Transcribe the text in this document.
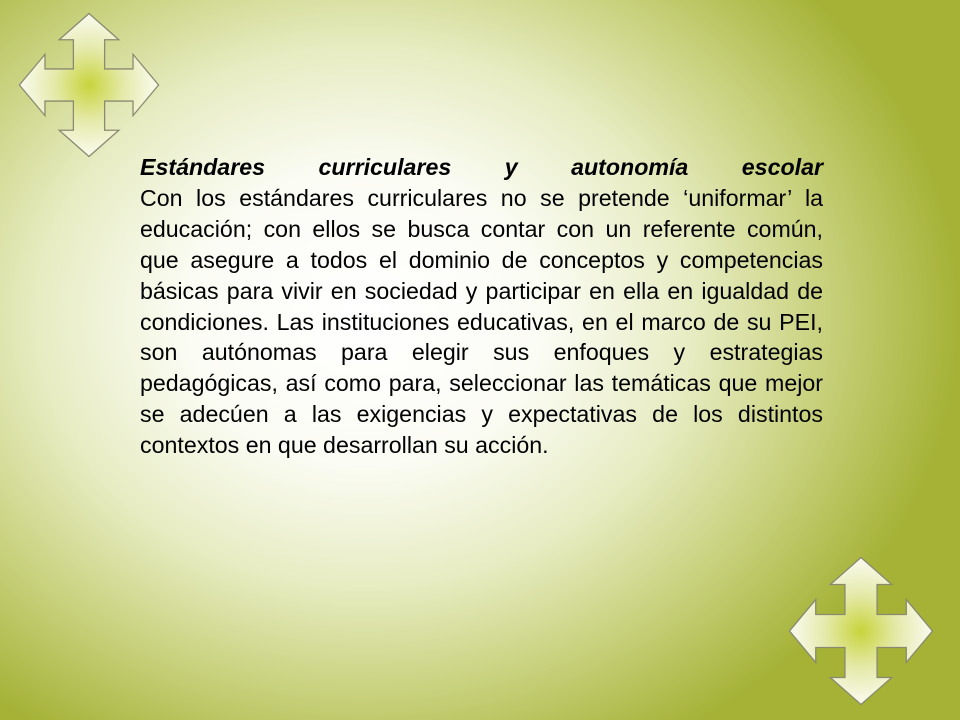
Estándares curriculares y autonomía escolar
Con los estándares curriculares no se pretende ‘uniformar’ la educación; con ellos se busca contar con un referente común, que asegure a todos el dominio de conceptos y competencias básicas para vivir en sociedad y participar en ella en igualdad de condiciones. Las instituciones educativas, en el marco de su PEI, son autónomas para elegir sus enfoques y estrategias pedagógicas, así como para, seleccionar las temáticas que mejor se adecúen a las exigencias y expectativas de los distintos contextos en que desarrollan su acción.
